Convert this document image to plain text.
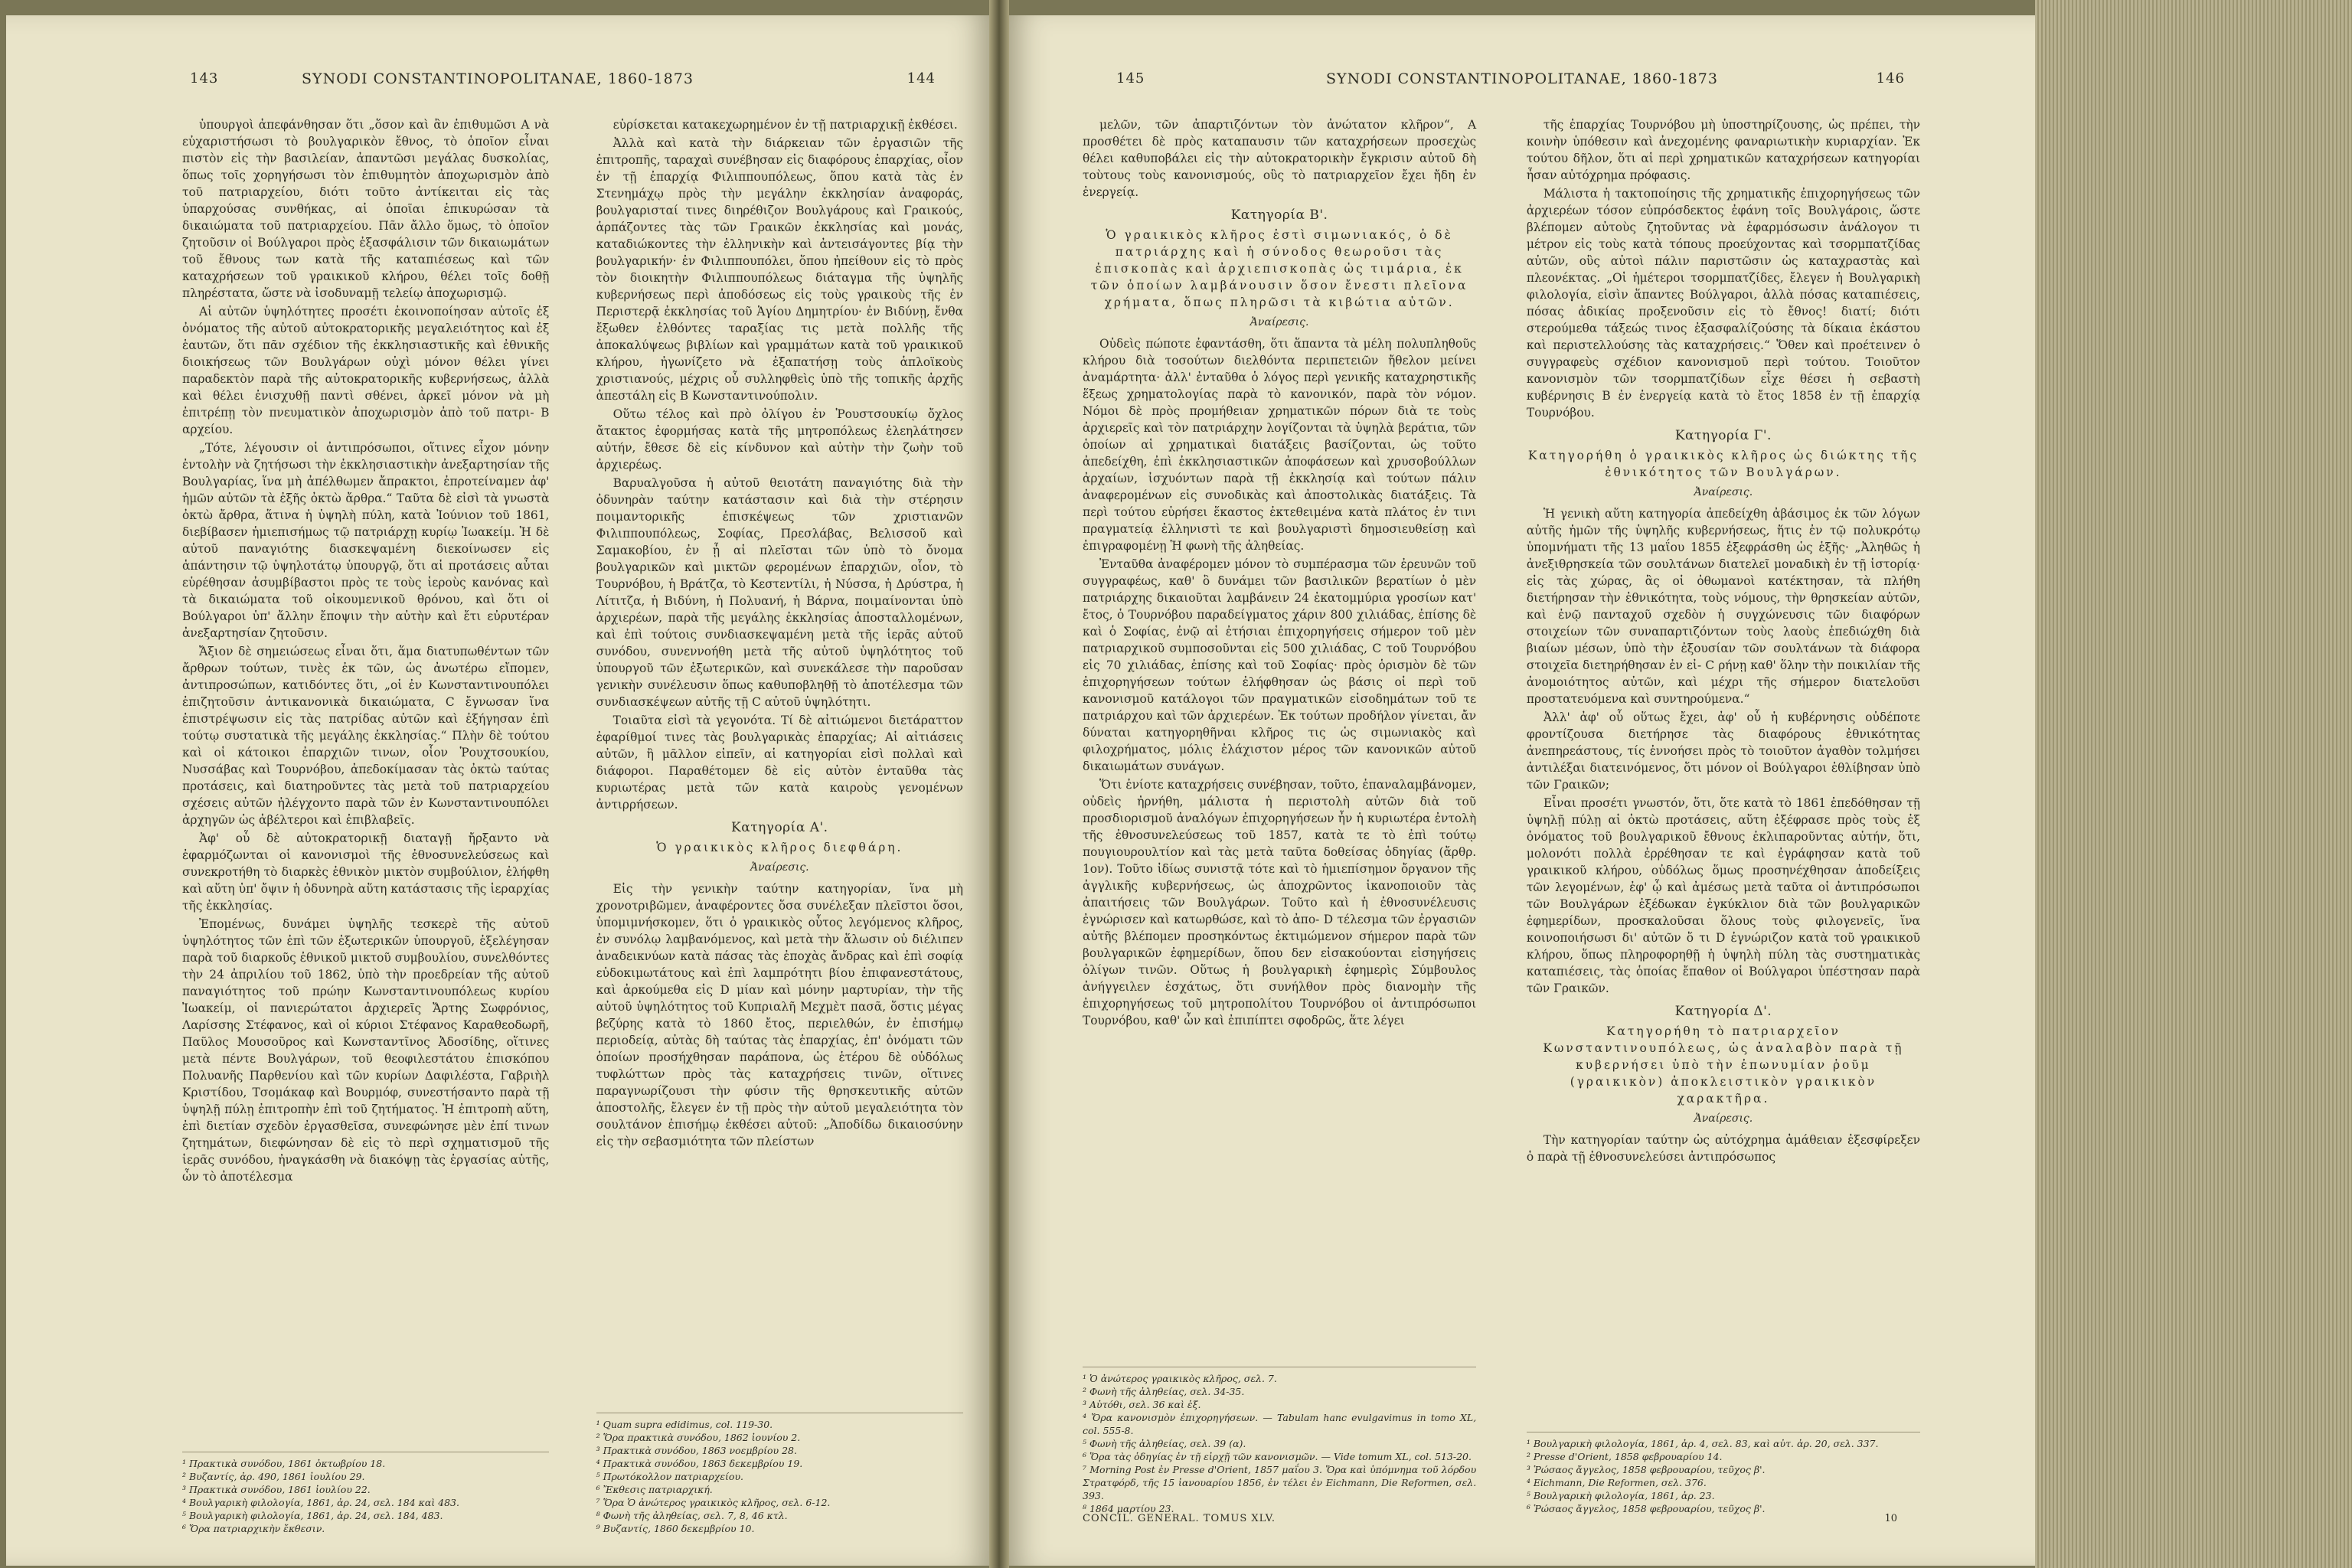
143	SYNODI CONSTANTINOPOLITANAE, 1860-1873	144

ὑπουργοὶ ἀπεφάνθησαν ὅτι „ὅσον καὶ ἂν ἐπιθυμῶσι A νὰ εὐχαριστήσωσι τὸ βουλγαρικὸν ἔθνος, τὸ ὁποῖον εἶναι πιστὸν εἰς τὴν βασιλείαν, ἀπαντῶσι μεγάλας δυσκολίας, ὅπως τοῖς χορηγήσωσι τὸν ἐπιθυμητὸν ἀποχωρισμὸν ἀπὸ τοῦ πατριαρχείου, διότι τοῦτο ἀντίκειται εἰς τὰς ὑπαρχούσας συνθήκας, αἱ ὁποῖαι ἐπικυρώσαν τὰ δικαιώματα τοῦ πατριαρχείου. Πᾶν ἄλλο ὅμως, τὸ ὁποῖον ζητοῦσιν οἱ Βούλγαροι πρὸς ἐξασφάλισιν τῶν δικαιωμάτων τοῦ ἔθνους των κατὰ τῆς καταπιέσεως καὶ τῶν καταχρήσεων τοῦ γραικικοῦ κλήρου, θέλει τοῖς δοθῇ πληρέστατα, ὥστε νὰ ἰσοδυναμῇ τελείῳ ἀποχωρισμῷ.

Αἱ αὐτῶν ὑψηλότητες προσέτι ἐκοινοποίησαν αὐτοῖς ἐξ ὀνόματος τῆς αὐτοῦ αὐτοκρατορικῆς μεγαλειότητος καὶ ἐξ ἑαυτῶν, ὅτι πᾶν σχέδιον τῆς ἐκκλησιαστικῆς καὶ ἐθνικῆς διοικήσεως τῶν Βουλγάρων οὐχὶ μόνον θέλει γίνει παραδεκτὸν παρὰ τῆς αὐτοκρατορικῆς κυβερνήσεως, ἀλλὰ καὶ θέλει ἐνισχυθῇ παντὶ σθένει, ἀρκεῖ μόνον νὰ μὴ ἐπιτρέπῃ τὸν πνευματικὸν ἀποχωρισμὸν ἀπὸ τοῦ πατρι- B αρχείου.

„Τότε, λέγουσιν οἱ ἀντιπρόσωποι, οἵτινες εἶχον μόνην ἐντολὴν νὰ ζητήσωσι τὴν ἐκκλησιαστικὴν ἀνεξαρτησίαν τῆς Βουλγαρίας, ἵνα μὴ ἀπέλθωμεν ἄπρακτοι, ἐπροτείναμεν ἀφ' ἡμῶν αὐτῶν τὰ ἐξῆς ὀκτὼ ἄρθρα.“ Ταῦτα δὲ εἰσὶ τὰ γνωστὰ ὀκτὼ ἄρθρα, ἅτινα ἡ ὑψηλὴ πύλη, κατὰ Ἰούνιον τοῦ 1861, διεβίβασεν ἡμιεπισήμως τῷ πατριάρχῃ κυρίῳ Ἰωακείμ. Ἡ δὲ αὐτοῦ παναγιότης διασκεψαμένη διεκοίνωσεν εἰς ἁπάντησιν τῷ ὑψηλοτάτῳ ὑπουργῷ, ὅτι αἱ προτάσεις αὗται εὑρέθησαν ἀσυμβίβαστοι πρὸς τε τοὺς ἱεροὺς κανόνας καὶ τὰ δικαιώματα τοῦ οἰκουμενικοῦ θρόνου, καὶ ὅτι οἱ Βούλγαροι ὑπ' ἄλλην ἔποψιν τὴν αὐτὴν καὶ ἔτι εὐρυτέραν ἀνεξαρτησίαν ζητοῦσιν.

Ἄξιον δὲ σημειώσεως εἶναι ὅτι, ἅμα διατυπωθέντων τῶν ἄρθρων τούτων, τινὲς ἐκ τῶν, ὡς ἀνωτέρω εἴπομεν, ἀντιπροσώπων, κατιδόντες ὅτι, „οἱ ἐν Κωνσταντινουπόλει ἐπιζητοῦσιν ἀντικανονικὰ δικαιώματα, C ἔγνωσαν ἵνα ἐπιστρέψωσιν εἰς τὰς πατρίδας αὐτῶν καὶ ἐξήγησαν ἐπὶ τούτῳ συστατικὰ τῆς μεγάλης ἐκκλησίας.“ Πλὴν δὲ τούτου καὶ οἱ κάτοικοι ἐπαρχιῶν τινων, οἷον Ῥουχτσουκίου, Νυσσάβας καὶ Τουρνόβου, ἀπεδοκίμασαν τὰς ὀκτὼ ταύτας προτάσεις, καὶ διατηροῦντες τὰς μετὰ τοῦ πατριαρχείου σχέσεις αὐτῶν ἠλέγχοντο παρὰ τῶν ἐν Κωνσταντινουπόλει ἀρχηγῶν ὡς ἀβέλτεροι καὶ ἐπιβλαβεῖς.

Ἀφ' οὗ δὲ αὐτοκρατορικῇ διαταγῇ ἤρξαντο νὰ ἐφαρμόζωνται οἱ κανονισμοὶ τῆς ἐθνοσυνελεύσεως καὶ συνεκροτήθη τὸ διαρκὲς ἐθνικὸν μικτὸν συμβούλιον, ἐλήφθη καὶ αὕτη ὑπ' ὄψιν ἡ ὀδυνηρὰ αὕτη κατάστασις τῆς ἱεραρχίας τῆς ἐκκλησίας.

Ἐπομένως, δυνάμει ὑψηλῆς τεσκερὲ τῆς αὐτοῦ ὑψηλότητος τῶν ἐπὶ τῶν ἐξωτερικῶν ὑπουργοῦ, ἐξελέγησαν παρὰ τοῦ διαρκοῦς ἐθνικοῦ μικτοῦ συμβουλίου, συνελθόντες τὴν 24 ἀπριλίου τοῦ 1862, ὑπὸ τὴν προεδρείαν τῆς αὐτοῦ παναγιότητος τοῦ πρώην Κωνσταντινουπόλεως κυρίου Ἰωακείμ, οἱ πανιερώτατοι ἀρχιερεῖς Ἄρτης Σωφρόνιος, Λαρίσσης Στέφανος, καὶ οἱ κύριοι Στέφανος Καραθεοδωρῆ, Παῦλος Μουσοῦρος καὶ Κωνσταντῖνος Ἀδοσίδης, οἵτινες μετὰ πέντε Βουλγάρων, τοῦ θεοφιλεστάτου ἐπισκόπου Πολυανῆς Παρθενίου καὶ τῶν κυρίων Δαφιλέστα, Γαβριὴλ Κριστίδου, Τσομάκαφ καὶ Βουρμόφ, συνεστήσαντο παρὰ τῇ ὑψηλῇ πύλῃ ἐπιτροπὴν ἐπὶ τοῦ ζητήματος. Ἡ ἐπιτροπὴ αὕτη, ἐπὶ διετίαν σχεδὸν ἐργασθεῖσα, συνεφώνησε μὲν ἐπί τινων ζητημάτων, διεφώνησαν δὲ εἰς τὸ περὶ σχηματισμοῦ τῆς ἱερᾶς συνόδου, ἠναγκάσθη νὰ διακόψῃ τὰς ἐργασίας αὐτῆς, ὧν τὸ ἀποτέλεσμα

¹ Πρακτικὰ συνόδου, 1861 ὀκτωβρίου 18.
² Βυζαντίς, ἀρ. 490, 1861 ἰουλίου 29.
³ Πρακτικὰ συνόδου, 1861 ἰουλίου 22.
⁴ Βουλγαρικὴ φιλολογία, 1861, ἀρ. 24, σελ. 184 καὶ 483.
⁵ Βουλγαρικὴ φιλολογία, 1861, ἀρ. 24, σελ. 184, 483.
⁶ Ὅρα πατριαρχικὴν ἔκθεσιν.

εὑρίσκεται κατακεχωρημένον ἐν τῇ πατριαρχικῇ ἐκθέσει.

Ἀλλὰ καὶ κατὰ τὴν διάρκειαν τῶν ἐργασιῶν τῆς ἐπιτροπῆς, ταραχαὶ συνέβησαν εἰς διαφόρους ἐπαρχίας, οἷον ἐν τῇ ἐπαρχίᾳ Φιλιππουπόλεως, ὅπου κατὰ τὰς ἐν Στενημάχῳ πρὸς τὴν μεγάλην ἐκκλησίαν ἀναφοράς, βουλγαρισταί τινες διηρέθιζον Βουλγάρους καὶ Γραικούς, ἁρπάζοντες τὰς τῶν Γραικῶν ἐκκλησίας καὶ μονάς, καταδιώκοντες τὴν ἑλληνικὴν καὶ ἀντεισάγοντες βίᾳ τὴν βουλγαρικήν· ἐν Φιλιππουπόλει, ὅπου ἠπείθουν εἰς τὸ πρὸς τὸν διοικητὴν Φιλιππουπόλεως διάταγμα τῆς ὑψηλῆς κυβερνήσεως περὶ ἀποδόσεως εἰς τοὺς γραικοὺς τῆς ἐν Περιστερᾷ ἐκκλησίας τοῦ Ἁγίου Δημητρίου· ἐν Βιδύνῃ, ἔνθα ἔξωθεν ἐλθόντες ταραξίας τις μετὰ πολλῆς τῆς ἀποκαλύψεως βιβλίων καὶ γραμμάτων κατὰ τοῦ γραικικοῦ κλήρου, ἠγωνίζετο νὰ ἐξαπατήσῃ τοὺς ἁπλοϊκοὺς χριστιανούς, μέχρις οὗ συλληφθεὶς ὑπὸ τῆς τοπικῆς ἀρχῆς ἀπεστάλη εἰς B Κωνσταντινούπολιν.

Οὕτω τέλος καὶ πρὸ ὀλίγου ἐν Ῥουστσουκίῳ ὄχλος ἄτακτος ἐφορμήσας κατὰ τῆς μητροπόλεως ἐλεηλάτησεν αὐτήν, ἔθεσε δὲ εἰς κίνδυνον καὶ αὐτὴν τὴν ζωὴν τοῦ ἀρχιερέως.

Βαρυαλγοῦσα ἡ αὐτοῦ θειοτάτη παναγιότης διὰ τὴν ὀδυνηρὰν ταύτην κατάστασιν καὶ διὰ τὴν στέρησιν ποιμαντορικῆς ἐπισκέψεως τῶν χριστιανῶν Φιλιππουπόλεως, Σοφίας, Πρεσλάβας, Βελισσοῦ καὶ Σαμακοβίου, ἐν ᾗ αἱ πλεῖσται τῶν ὑπὸ τὸ ὄνομα βουλγαρικῶν καὶ μικτῶν φερομένων ἐπαρχιῶν, οἷον, τὸ Τουρνόβου, ἡ Βράτζα, τὸ Κεστεντίλι, ἡ Νύσσα, ἡ Δρύστρα, ἡ Λίτιτζα, ἡ Βιδύνη, ἡ Πολυανή, ἡ Βάρνα, ποιμαίνονται ὑπὸ ἀρχιερέων, παρὰ τῆς μεγάλης ἐκκλησίας ἀποσταλλομένων, καὶ ἐπὶ τούτοις συνδιασκεψαμένη μετὰ τῆς ἱερᾶς αὐτοῦ συνόδου, συνεννοήθη μετὰ τῆς αὐτοῦ ὑψηλότητος τοῦ ὑπουργοῦ τῶν ἐξωτερικῶν, καὶ συνεκάλεσε τὴν παροῦσαν γενικὴν συνέλευσιν ὅπως καθυποβληθῇ τὸ ἀποτέλεσμα τῶν συνδιασκέψεων αὐτῆς τῇ C αὐτοῦ ὑψηλότητι.

Τοιαῦτα εἰσὶ τὰ γεγονότα. Τί δὲ αἰτιώμενοι διετάραττον ἐφαρίθμοί τινες τὰς βουλγαρικὰς ἐπαρχίας; Αἱ αἰτιάσεις αὐτῶν, ἢ μᾶλλον εἰπεῖν, αἱ κατηγορίαι εἰσὶ πολλαὶ καὶ διάφοροι. Παραθέτομεν δὲ εἰς αὐτὸν ἐνταῦθα τὰς κυριωτέρας μετὰ τῶν κατὰ καιροὺς γενομένων ἀντιρρήσεων.

Κατηγορία Α'.
Ὁ γραικικὸς κλῆρος διεφθάρη.
Ἀναίρεσις.

Εἰς τὴν γενικὴν ταύτην κατηγορίαν, ἵνα μὴ χρονοτριβῶμεν, ἀναφέροντες ὅσα συνέλεξαν πλεῖστοι ὅσοι, ὑπομιμνήσκομεν, ὅτι ὁ γραικικὸς οὗτος λεγόμενος κλῆρος, ἐν συνόλῳ λαμβανόμενος, καὶ μετὰ τὴν ἅλωσιν οὐ διέλιπεν ἀναδεικνύων κατὰ πάσας τὰς ἐποχὰς ἄνδρας καὶ ἐπὶ σοφίᾳ εὐδοκιμωτάτους καὶ ἐπὶ λαμπρότητι βίου ἐπιφανεστάτους, καὶ ἀρκούμεθα εἰς D μίαν καὶ μόνην μαρτυρίαν, τὴν τῆς αὐτοῦ ὑψηλότητος τοῦ Κυπριαλῆ Μεχμὲτ πασᾶ, ὅστις μέγας βεζύρης κατὰ τὸ 1860 ἔτος, περιελθών, ἐν ἐπισήμῳ περιοδείᾳ, αὐτὰς δὴ ταύτας τὰς ἐπαρχίας, ἐπ' ὀνόματι τῶν ὁποίων προσήχθησαν παράπονα, ὡς ἑτέρου δὲ οὐδόλως τυφλώττων πρὸς τὰς καταχρήσεις τινῶν, οἵτινες παραγνωρίζουσι τὴν φύσιν τῆς θρησκευτικῆς αὐτῶν ἀποστολῆς, ἔλεγεν ἐν τῇ πρὸς τὴν αὐτοῦ μεγαλειότητα τὸν σουλτάνον ἐπισήμῳ ἐκθέσει αὐτοῦ: „Ἀποδίδω δικαιοσύνην εἰς τὴν σεβασμιότητα τῶν πλείστων

¹ Quam supra edidimus, col. 119-30.
² Ὅρα πρακτικὰ συνόδου, 1862 ἰουνίου 2.
³ Πρακτικὰ συνόδου, 1863 νοεμβρίου 28.
⁴ Πρακτικὰ συνόδου, 1863 δεκεμβρίου 19.
⁵ Πρωτόκολλον πατριαρχείου.
⁶ Ἔκθεσις πατριαρχική.
⁷ Ὅρα Ὁ ἀνώτερος γραικικὸς κλῆρος, σελ. 6-12.
⁸ Φωνὴ τῆς ἀληθείας, σελ. 7, 8, 46 κτλ.
⁹ Βυζαντίς, 1860 δεκεμβρίου 10.
145	SYNODI CONSTANTINOPOLITANAE, 1860-1873	146

μελῶν, τῶν ἀπαρτιζόντων τὸν ἀνώτατον κλῆρον“, A προσθέτει δὲ πρὸς καταπαυσιν τῶν καταχρήσεων προσεχὼς θέλει καθυποβάλει εἰς τὴν αὐτοκρατορικὴν ἔγκρισιν αὐτοῦ δὴ τοὺτους τοὺς κανονισμούς, οὓς τὸ πατριαρχεῖον ἔχει ἤδη ἐν ἐνεργείᾳ.

Κατηγορία Β'.
Ὁ γραικικὸς κλῆρος ἐστὶ σιμωνιακός, ὁ δὲ πατριάρχης καὶ ἡ σύνοδος θεωροῦσι τὰς ἐπισκοπὰς καὶ ἀρχιεπισκοπὰς ὡς τιμάρια, ἐκ τῶν ὁποίων λαμβάνουσιν ὅσον ἔνεστι πλεῖονα χρήματα, ὅπως πληρῶσι τὰ κιβώτια αὐτῶν.
Ἀναίρεσις.

Οὐδεὶς πώποτε ἐφαντάσθη, ὅτι ἅπαντα τὰ μέλη πολυπληθοῦς κλήρου διὰ τοσούτων διελθόντα περιπετειῶν ἤθελον μείνει ἀναμάρτητα· ἀλλ' ἐνταῦθα ὁ λόγος περὶ γενικῆς καταχρηστικῆς ἕξεως χρηματολογίας παρὰ τὸ κανονικόν, παρὰ τὸν νόμον. Νόμοι δὲ πρὸς προμήθειαν χρηματικῶν πόρων διὰ τε τοὺς ἀρχιερεῖς καὶ τὸν πατριάρχην λογίζονται τὰ ὑψηλὰ βεράτια, τῶν ὁποίων αἱ χρηματικαὶ διατάξεις βασίζονται, ὡς τοῦτο ἀπεδείχθη, ἐπὶ ἐκκλησιαστικῶν ἀποφάσεων καὶ χρυσοβούλλων ἀρχαίων, ἰσχυόντων παρὰ τῇ ἐκκλησίᾳ καὶ τούτων πάλιν ἀναφερομένων εἰς συνοδικὰς καὶ ἀποστολικὰς διατάξεις. Τὰ περὶ τούτου εὑρήσει ἕκαστος ἐκτεθειμένα κατὰ πλάτος ἐν τινι πραγματείᾳ ἑλληνιστὶ τε καὶ βουλγαριστὶ δημοσιευθείσῃ καὶ ἐπιγραφομένῃ Ἡ φωνὴ τῆς ἀληθείας.

Ἐνταῦθα ἀναφέρομεν μόνον τὸ συμπέρασμα τῶν ἐρευνῶν τοῦ συγγραφέως, καθ' ὃ δυνάμει τῶν βασιλικῶν βερατίων ὁ μὲν πατριάρχης δικαιοῦται λαμβάνειν 24 ἑκατομμύρια γροσίων κατ' ἔτος, ὁ Τουρνόβου παραδείγματος χάριν 800 χιλιάδας, ἐπίσης δὲ καὶ ὁ Σοφίας, ἐνῷ αἱ ἐτήσιαι ἐπιχορηγήσεις σήμερον τοῦ μὲν πατριαρχικοῦ συμποσοῦνται εἰς 500 χιλιάδας, C τοῦ Τουρνόβου εἰς 70 χιλιάδας, ἐπίσης καὶ τοῦ Σοφίας· πρὸς ὁρισμὸν δὲ τῶν ἐπιχορηγήσεων τούτων ἐλήφθησαν ὡς βάσις οἱ περὶ τοῦ κανονισμοῦ κατάλογοι τῶν πραγματικῶν εἰσοδημάτων τοῦ τε πατριάρχου καὶ τῶν ἀρχιερέων. Ἐκ τούτων προδήλον γίνεται, ἄν δύναται κατηγορηθῆναι κλῆρος τις ὡς σιμωνιακὸς καὶ φιλοχρήματος, μόλις ἐλάχιστον μέρος τῶν κανονικῶν αὐτοῦ δικαιωμάτων συνάγων.

Ὅτι ἐνίοτε καταχρήσεις συνέβησαν, τοῦτο, ἐπαναλαμβάνομεν, οὐδεὶς ἠρνήθη, μάλιστα ἡ περιστολὴ αὐτῶν διὰ τοῦ προσδιορισμοῦ ἀναλόγων ἐπιχορηγήσεων ἦν ἡ κυριωτέρα ἐντολὴ τῆς ἐθνοσυνελεύσεως τοῦ 1857, κατὰ τε τὸ ἐπὶ τούτῳ πουγιουρουλτίον καὶ τὰς μετὰ ταῦτα δοθείσας ὁδηγίας (ἄρθρ. 1ον). Τοῦτο ἰδίως συνιστᾷ τότε καὶ τὸ ἡμιεπίσημον ὄργανον τῆς ἀγγλικῆς κυβερνήσεως, ὡς ἀποχρῶντος ἱκανοποιοῦν τὰς ἀπαιτήσεις τῶν Βουλγάρων. Τοῦτο καὶ ἡ ἐθνοσυνέλευσις ἐγνώρισεν καὶ κατωρθώσε, καὶ τὸ ἀπο- D τέλεσμα τῶν ἐργασιῶν αὐτῆς βλέπομεν προσηκόντως ἐκτιμώμενον σήμερον παρὰ τῶν βουλγαρικῶν ἐφημερίδων, ὅπου δεν εἰσακούονται εἰσηγήσεις ὀλίγων τινῶν. Οὕτως ἡ βουλγαρικὴ ἐφημερὶς Σύμβουλος ἀνήγγειλεν ἐσχάτως, ὅτι συνήλθον πρὸς διανομὴν τῆς ἐπιχορηγήσεως τοῦ μητροπολίτου Τουρνόβου οἱ ἀντιπρόσωποι Τουρνόβου, καθ' ὧν καὶ ἐπιπίπτει σφοδρῶς, ἅτε λέγει

¹ Ὁ ἀνώτερος γραικικὸς κλῆρος, σελ. 7.
² Φωνὴ τῆς ἀληθείας, σελ. 34-35.
³ Αὐτόθι, σελ. 36 καὶ ἑξ.
⁴ Ὅρα κανονισμὸν ἐπιχορηγήσεων. — Tabulam hanc evulgavimus in tomo XL, col. 555-8.
⁵ Φωνὴ τῆς ἀληθείας, σελ. 39 (α).
⁶ Ὅρα τὰς ὁδηγίας ἐν τῇ εἰρχῇ τῶν κανονισμῶν. — Vide tomum XL, col. 513-20.
⁷ Morning Post ἐν Presse d'Orient, 1857 μαΐου 3. Ὅρα καὶ ὑπόμνημα τοῦ λόρδου Στρατφόρδ, τῆς 15 ἰανουαρίου 1856, ἐν τέλει ἐν Eichmann, Die Reformen, σελ. 393.
⁸ 1864 μαρτίου 23.
CONCIL. GENERAL. TOMUS XLV.

τῆς ἐπαρχίας Τουρνόβου μὴ ὑποστηρίζουσης, ὡς πρέπει, τὴν κοινὴν ὑπόθεσιν καὶ ἀνεχομένης φαναριωτικὴν κυριαρχίαν. Ἐκ τούτου δῆλον, ὅτι αἱ περὶ χρηματικῶν καταχρήσεων κατηγορίαι ἦσαν αὐτόχρημα πρόφασις.

Μάλιστα ἡ τακτοποίησις τῆς χρηματικῆς ἐπιχορηγήσεως τῶν ἀρχιερέων τόσον εὐπρόσδεκτος ἐφάνη τοῖς Βουλγάροις, ὥστε βλέπομεν αὐτοὺς ζητοῦντας νὰ ἐφαρμόσωσιν ἀνάλογον τι μέτρον εἰς τοὺς κατὰ τόπους προεύχοντας καὶ τσορμπατζίδας αὐτῶν, οὓς αὐτοὶ πάλιν παριστῶσιν ὡς καταχραστὰς καὶ πλεονέκτας. „Οἱ ἡμέτεροι τσορμπατζίδες, ἔλεγεν ἡ Βουλγαρικὴ φιλολογία, εἰσὶν ἅπαντες Βούλγαροι, ἀλλὰ πόσας καταπιέσεις, πόσας ἀδικίας προξενοῦσιν εἰς τὸ ἔθνος! διατί; διότι στερούμεθα τάξεώς τινος ἐξασφαλίζούσης τὰ δίκαια ἑκάστου καὶ περιστελλούσης τὰς καταχρήσεις.“ Ὅθεν καὶ προέτεινεν ὁ συγγραφεὺς σχέδιον κανονισμοῦ περὶ τούτου. Τοιοῦτον κανονισμὸν τῶν τσορμπατζίδων εἶχε θέσει ἡ σεβαστὴ κυβέρνησις B ἐν ἐνεργείᾳ κατὰ τὸ ἔτος 1858 ἐν τῇ ἐπαρχίᾳ Τουρνόβου.

Κατηγορία Γ'.
Κατηγορήθη ὁ γραικικὸς κλῆρος ὡς διώκτης τῆς ἐθνικότητος τῶν Βουλγάρων.
Ἀναίρεσις.

Ἡ γενικὴ αὕτη κατηγορία ἀπεδείχθη ἀβάσιμος ἐκ τῶν λόγων αὐτῆς ἡμῶν τῆς ὑψηλῆς κυβερνήσεως, ἥτις ἐν τῷ πολυκρότῳ ὑπομνήματι τῆς 13 μαΐου 1855 ἐξεφράσθη ὡς ἑξῆς· „Ἀληθῶς ἡ ἀνεξιθρησκεία τῶν σουλτάνων διατελεῖ μοναδικὴ ἐν τῇ ἱστορίᾳ· εἰς τὰς χώρας, ἃς οἱ ὀθωμανοὶ κατέκτησαν, τὰ πλήθη διετήρησαν τὴν ἐθνικότητα, τοὺς νόμους, τὴν θρησκείαν αὐτῶν, καὶ ἐνῷ πανταχοῦ σχεδὸν ἡ συγχώνευσις τῶν διαφόρων στοιχείων τῶν συναπαρτιζόντων τοὺς λαοὺς ἐπεδιώχθη διὰ βιαίων μέσων, ὑπὸ τὴν ἐξουσίαν τῶν σουλτάνων τὰ διάφορα στοιχεῖα διετηρήθησαν ἐν εἰ- C ρήνῃ καθ' ὅλην τὴν ποικιλίαν τῆς ἀνομοιότητος αὐτῶν, καὶ μέχρι τῆς σήμερον διατελοῦσι προστατευόμενα καὶ συντηρούμενα.“

Ἀλλ' ἀφ' οὗ οὕτως ἔχει, ἀφ' οὗ ἡ κυβέρνησις οὐδέποτε φροντίζουσα διετήρησε τὰς διαφόρους ἐθνικότητας ἀνεπηρεάστους, τίς ἐννοήσει πρὸς τὸ τοιοῦτον ἀγαθὸν τολμήσει ἀντιλέξαι διατεινόμενος, ὅτι μόνον οἱ Βούλγαροι ἐθλίβησαν ὑπὸ τῶν Γραικῶν;

Εἶναι προσέτι γνωστόν, ὅτι, ὅτε κατὰ τὸ 1861 ἐπεδόθησαν τῇ ὑψηλῇ πύλῃ αἱ ὀκτὼ προτάσεις, αὕτη ἐξέφρασε πρὸς τοὺς ἐξ ὀνόματος τοῦ βουλγαρικοῦ ἔθνους ἐκλιπαροῦντας αὐτήν, ὅτι, μολονότι πολλὰ ἐρρέθησαν τε καὶ ἐγράφησαν κατὰ τοῦ γραικικοῦ κλήρου, οὐδόλως ὅμως προσηνέχθησαν ἀποδείξεις τῶν λεγομένων, ἐφ' ᾧ καὶ ἀμέσως μετὰ ταῦτα οἱ ἀντιπρόσωποι τῶν Βουλγάρων ἐξέδωκαν ἐγκύκλιον διὰ τῶν βουλγαρικῶν ἐφημερίδων, προσκαλοῦσαι ὅλους τοὺς φιλογενεῖς, ἵνα κοινοποιήσωσι δι' αὐτῶν ὅ τι D ἐγνώριζον κατὰ τοῦ γραικικοῦ κλήρου, ὅπως πληροφορηθῇ ἡ ὑψηλὴ πύλη τὰς συστηματικὰς καταπιέσεις, τὰς ὁποίας ἔπαθον οἱ Βούλγαροι ὑπέστησαν παρὰ τῶν Γραικῶν.

Κατηγορία Δ'.
Κατηγορήθη τὸ πατριαρχεῖον Κωνσταντινουπόλεως, ὡς ἀναλαβὸν παρὰ τῇ κυβερνήσει ὑπὸ τὴν ἐπωνυμίαν ῥοῦμ (γραικικὸν) ἀποκλειστικὸν γραικικὸν χαρακτῆρα.
Ἀναίρεσις.

Τὴν κατηγορίαν ταύτην ὡς αὐτόχρημα ἀμάθειαν ἐξεσφίρεξεν ὁ παρὰ τῇ ἐθνοσυνελεύσει ἀντιπρόσωπος

¹ Βουλγαρικὴ φιλολογία, 1861, ἀρ. 4, σελ. 83, καὶ αὐτ. ἀρ. 20, σελ. 337.
² Presse d'Orient, 1858 φεβρουαρίου 14.
³ Ῥώσαος ἄγγελος, 1858 φεβρουαρίου, τεῦχος β'.
⁴ Eichmann, Die Reformen, σελ. 376.
⁵ Βουλγαρικὴ φιλολογία, 1861, ἀρ. 23.
⁶ Ῥώσαος ἄγγελος, 1858 φεβρουαρίου, τεῦχος β'.
10
